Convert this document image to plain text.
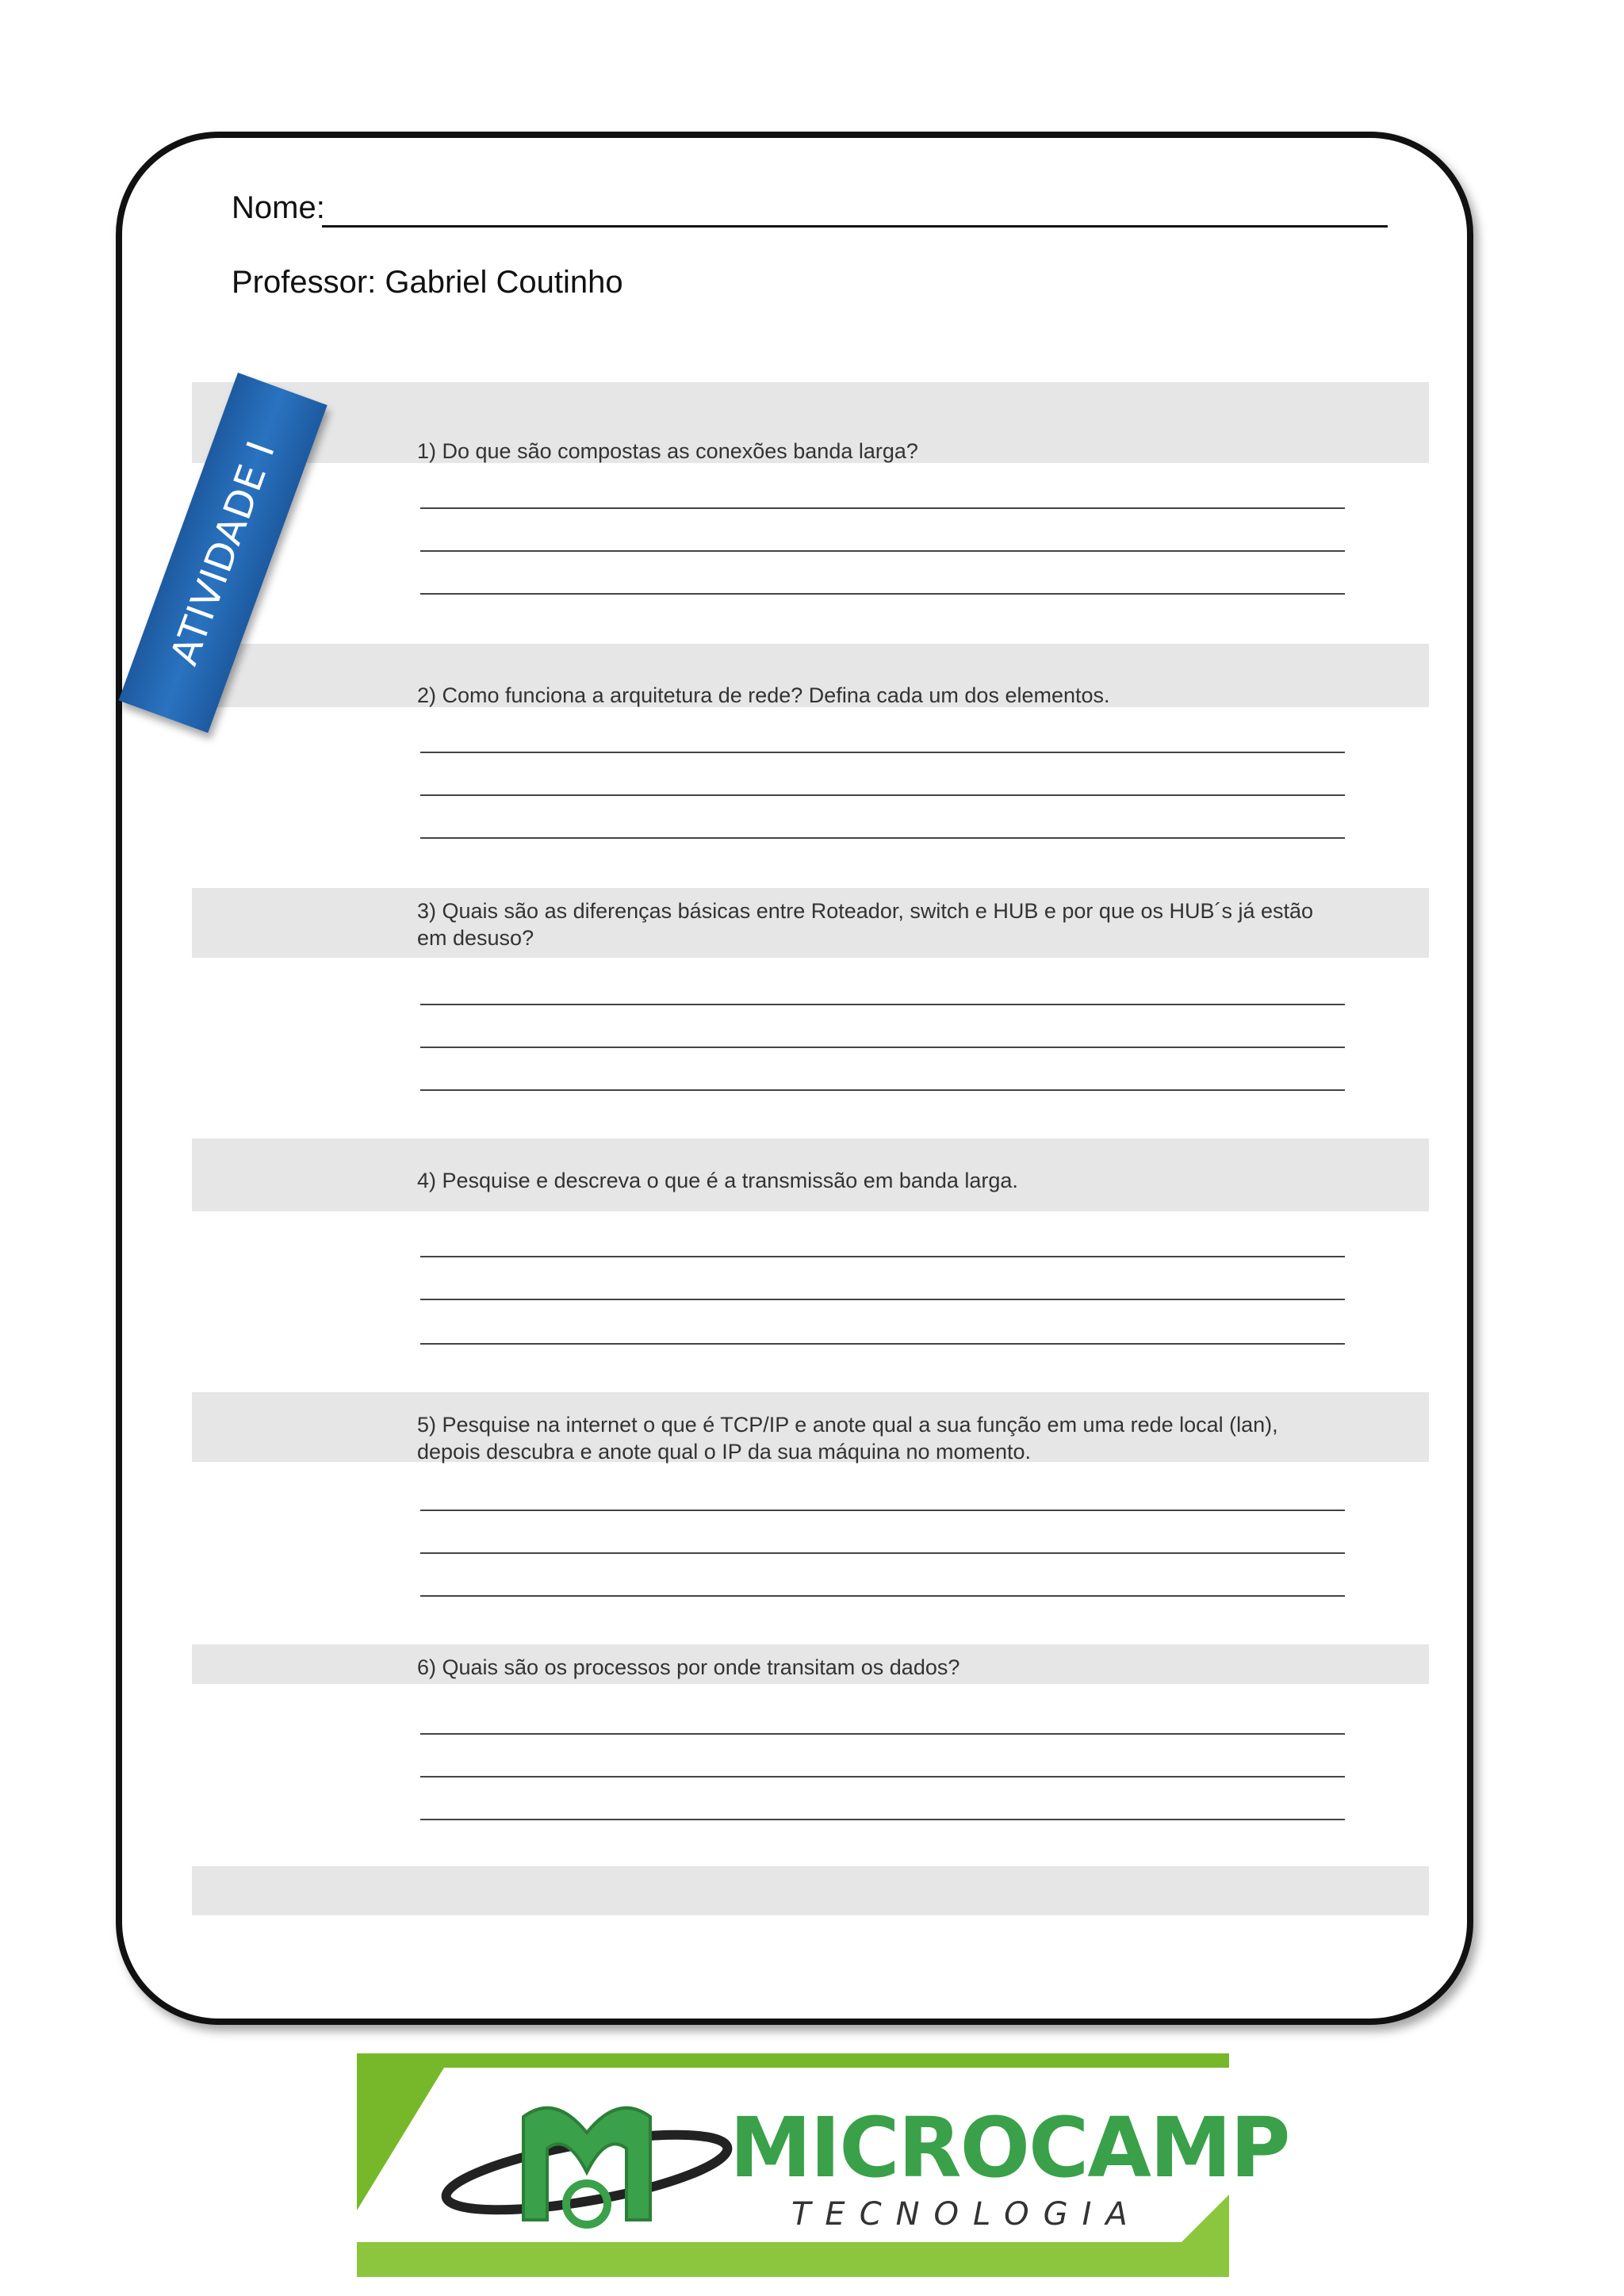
Nome:
Professor: Gabriel Coutinho
1) Do que são compostas as conexões banda larga?
2) Como funciona a arquitetura de rede? Defina cada um dos elementos.
3) Quais são as diferenças básicas entre Roteador, switch e HUB e por que os HUB´s já estão em desuso?
4) Pesquise e descreva o que é a transmissão em banda larga.
5) Pesquise na internet o que é TCP/IP e anote qual a sua função em uma rede local (lan), depois descubra e anote qual o IP da sua máquina no momento.
6) Quais são os processos por onde transitam os dados?
ATIVIDADE I
MICROCAMP
TECNOLOGIA
